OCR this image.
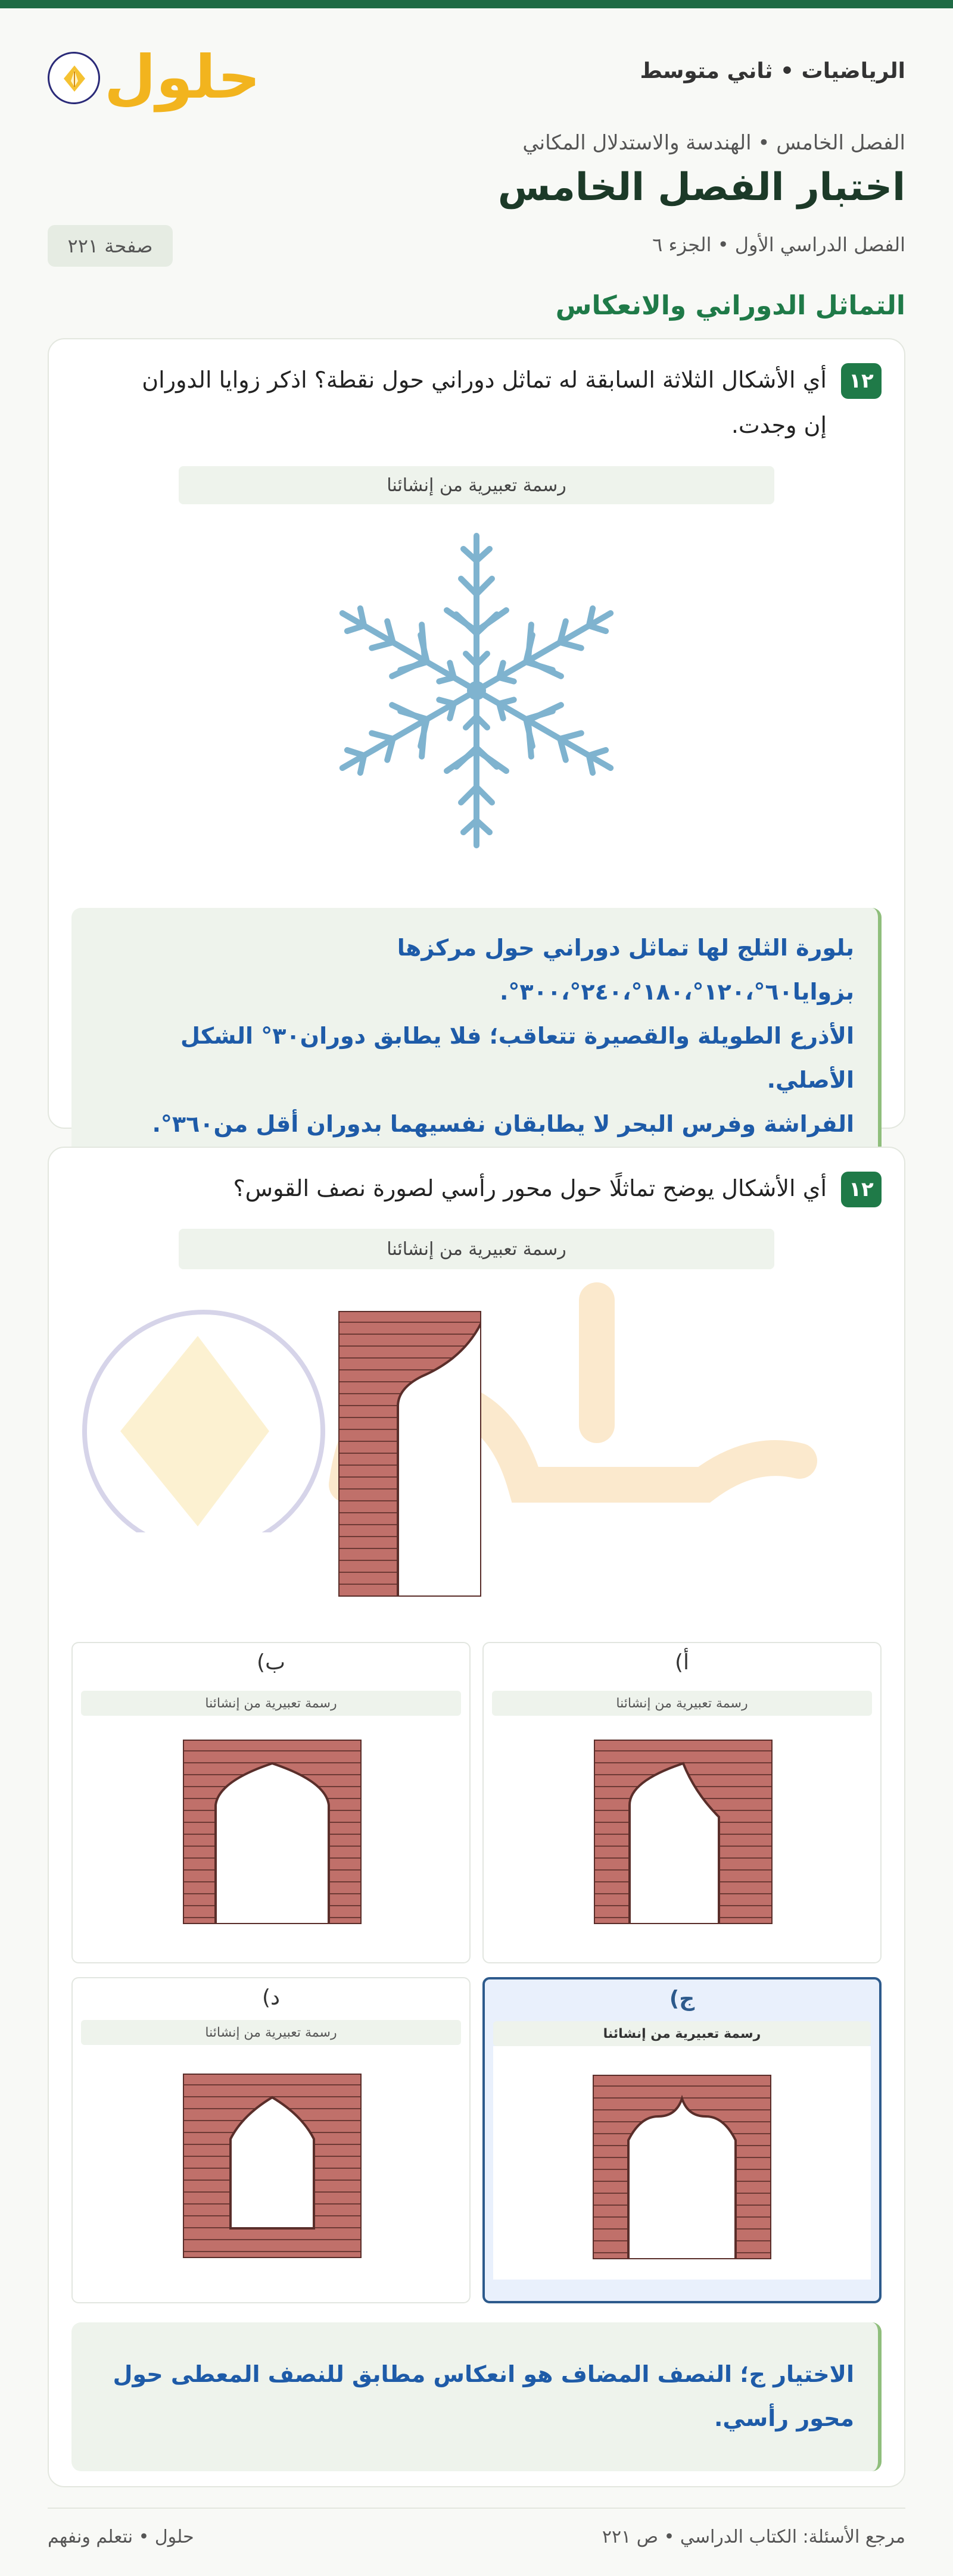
الرياضيات • ثاني متوسط
حلول
الفصل الخامس • الهندسة والاستدلال المكاني
اختبار الفصل الخامس
الفصل الدراسي الأول • الجزء ٦
صفحة ٢٢١
التماثل الدوراني والانعكاس
١٢
أي الأشكال الثلاثة السابقة له تماثل دوراني حول نقطة؟ اذكر زوايا الدوران
إن وجدت.
رسمة تعبيرية من إنشائنا
بلورة الثلج لها تماثل دوراني حول مركزها بزوايا٦٠°،١٢٠°،١٨٠°،٢٤٠°،٣٠٠°.
الأذرع الطويلة والقصيرة تتعاقب؛ فلا يطابق دوران٣٠° الشكل الأصلي.
الفراشة وفرس البحر لا يطابقان نفسيهما بدوران أقل من٣٦٠°.
١٢
أي الأشكال يوضح تماثلًا حول محور رأسي لصورة نصف القوس؟
رسمة تعبيرية من إنشائنا
أ)
رسمة تعبيرية من إنشائنا
ب)
رسمة تعبيرية من إنشائنا
ج)
رسمة تعبيرية من إنشائنا
د)
رسمة تعبيرية من إنشائنا
الاختيار ج؛ النصف المضاف هو انعكاس مطابق للنصف المعطى حول محور رأسي.
مرجع الأسئلة: الكتاب الدراسي • ص ٢٢١
حلول • نتعلم ونفهم
